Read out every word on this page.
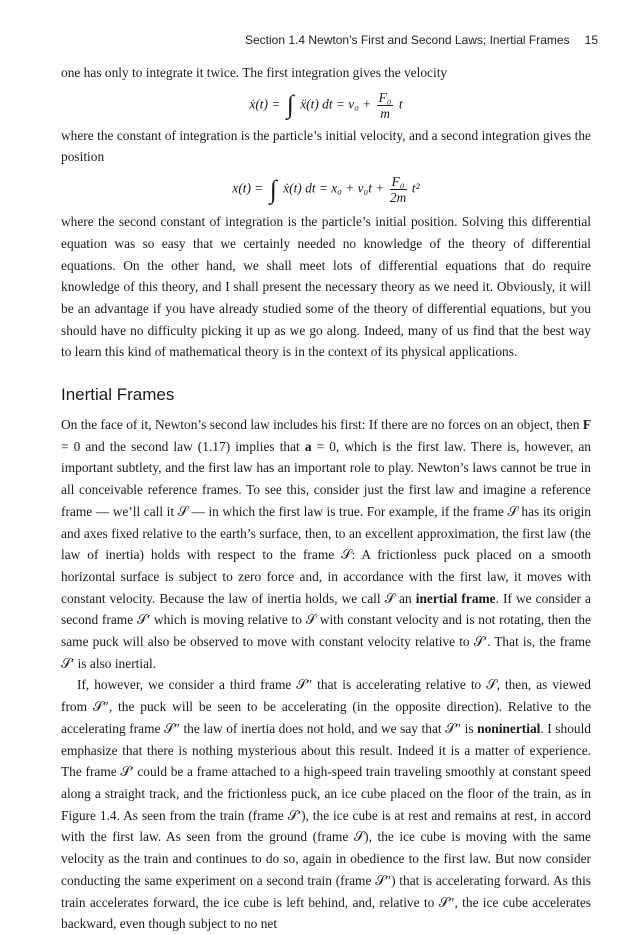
Section 1.4 Newton’s First and Second Laws; Inertial Frames 15

one has only to integrate it twice. The first integration gives the velocity

ẋ(t) = ∫ ẍ(t) dt = $v_0 + \frac{\text{F₀}}{m}$ t

where the constant of integration is the particle’s initial velocity, and a second integration gives the position

x(t) = ∫ ẋ(t) dt = $x_0 + v_0t + \frac{\text{F₀}}{2m} t^2$

where the second constant of integration is the particle’s initial position. Solving this differential equation was so easy that we certainly needed no knowledge of the theory of differential equations. On the other hand, we shall meet lots of differential equations that do require knowledge of this theory, and I shall present the necessary theory as we need it. Obviously, it will be an advantage if you have already studied some of the theory of differential equations, but you should have no difficulty picking it up as we go along. Indeed, many of us find that the best way to learn this kind of mathematical theory is in the context of its physical applications.

Inertial Frames

On the face of it, Newton’s second law includes his first: If there are no forces on an object, then F = 0 and the second law (1.17) implies that a = 0, which is the first law. There is, however, an important subtlety, and the first law has an important role to play. Newton’s laws cannot be true in all conceivable reference frames. To see this, consider just the first law and imagine a reference frame — we’ll call it 𝒮 — in which the first law is true. For example, if the frame 𝒮 has its origin and axes fixed relative to the earth’s surface, then, to an excellent approximation, the first law (the law of inertia) holds with respect to the frame 𝒮: A frictionless puck placed on a smooth horizontal surface is subject to zero force and, in accordance with the first law, it moves with constant velocity. Because the law of inertia holds, we call 𝒮 an inertial frame. If we consider a second frame 𝒮′ which is moving relative to 𝒮 with constant velocity and is not rotating, then the same puck will also be observed to move with constant velocity relative to 𝒮′. That is, the frame 𝒮′ is also inertial.

If, however, we consider a third frame 𝒮″ that is accelerating relative to 𝒮, then, as viewed from 𝒮″, the puck will be seen to be accelerating (in the opposite direction). Relative to the accelerating frame 𝒮″ the law of inertia does not hold, and we say that 𝒮″ is noninertial. I should emphasize that there is nothing mysterious about this result. Indeed it is a matter of experience. The frame 𝒮′ could be a frame attached to a high-speed train traveling smoothly at constant speed along a straight track, and the frictionless puck, an ice cube placed on the floor of the train, as in Figure 1.4. As seen from the train (frame 𝒮′), the ice cube is at rest and remains at rest, in accord with the first law. As seen from the ground (frame 𝒮), the ice cube is moving with the same velocity as the train and continues to do so, again in obedience to the first law. But now consider conducting the same experiment on a second train (frame 𝒮″) that is accelerating forward. As this train accelerates forward, the ice cube is left behind, and, relative to 𝒮″, the ice cube accelerates backward, even though subject to no net
